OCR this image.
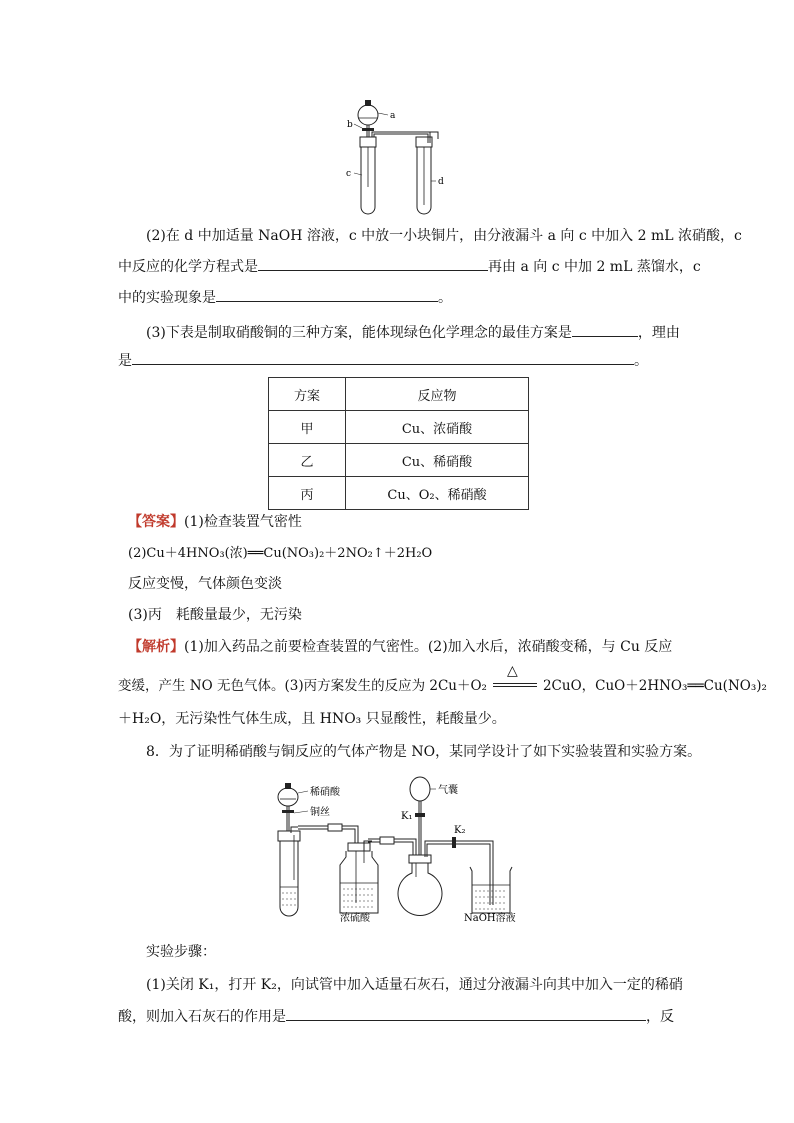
a
b
c
d
(2)在 d 中加适量 NaOH 溶液，c 中放一小块铜片，由分液漏斗 a 向 c 中加入 2 mL 浓硝酸，c
中反应的化学方程式是	再由 a 向 c 中加 2 mL 蒸馏水，c
中的实验现象是	。
(3)下表是制取硝酸铜的三种方案，能体现绿色化学理念的最佳方案是	，理由
是	。
方案	反应物
甲	Cu、浓硝酸
乙	Cu、稀硝酸
丙	Cu、O₂、稀硝酸
【答案】(1)检查装置气密性
(2)Cu＋4HNO₃(浓)══Cu(NO₃)₂＋2NO₂↑＋2H₂O
反应变慢，气体颜色变淡
(3)丙　耗酸量最少，无污染
【解析】(1)加入药品之前要检查装置的气密性。(2)加入水后，浓硝酸变稀，与 Cu 反应
变缓，产生 NO 无色气体。(3)丙方案发生的反应为 2Cu＋O₂
△
2CuO，CuO＋2HNO₃══Cu(NO₃)₂
＋H₂O，无污染性气体生成，且 HNO₃ 只显酸性，耗酸量少。
8．为了证明稀硝酸与铜反应的气体产物是 NO，某同学设计了如下实验装置和实验方案。
稀硝酸
铜丝
浓硫酸
K₁
气囊
K₂
NaOH溶液
实验步骤：
(1)关闭 K₁，打开 K₂，向试管中加入适量石灰石，通过分液漏斗向其中加入一定的稀硝
酸，则加入石灰石的作用是	，反
